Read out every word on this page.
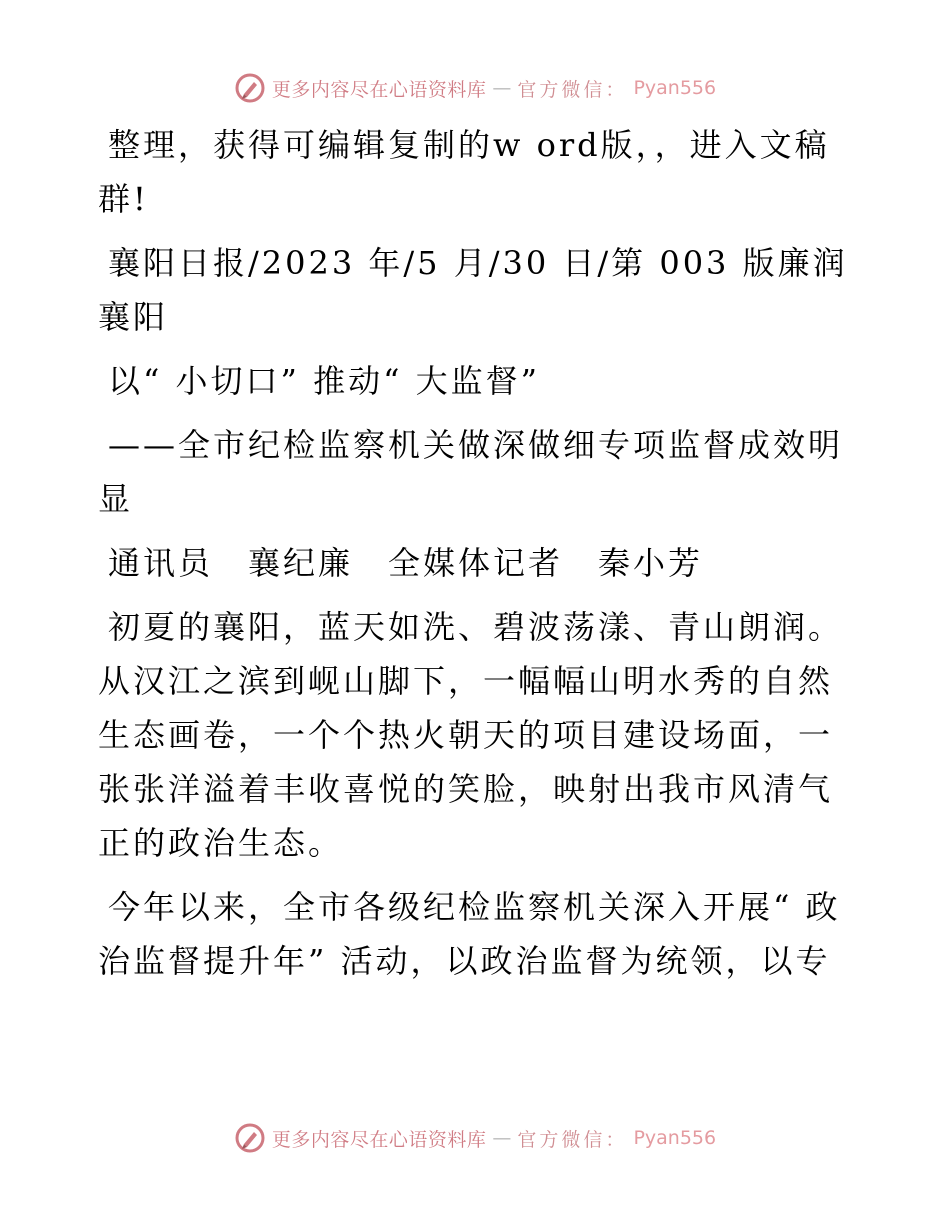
更多内容尽在心语资料库 — 官方微信： Pyan556

整理，获得可编辑复制的w ord版，，进入文稿群!

襄阳日报/2023 年/5 月/30 日/第 003 版廉润襄阳

以“ 小切口” 推动“ 大监督”

——全市纪检监察机关做深做细专项监督成效明显

通讯员　襄纪廉　全媒体记者　秦小芳

初夏的襄阳，蓝天如洗、碧波荡漾、青山朗润。从汉江之滨到岘山脚下，一幅幅山明水秀的自然生态画卷，一个个热火朝天的项目建设场面，一张张洋溢着丰收喜悦的笑脸，映射出我市风清气正的政治生态。

今年以来，全市各级纪检监察机关深入开展“ 政治监督提升年” 活动，以政治监督为统领，以专

更多内容尽在心语资料库 — 官方微信： Pyan556
